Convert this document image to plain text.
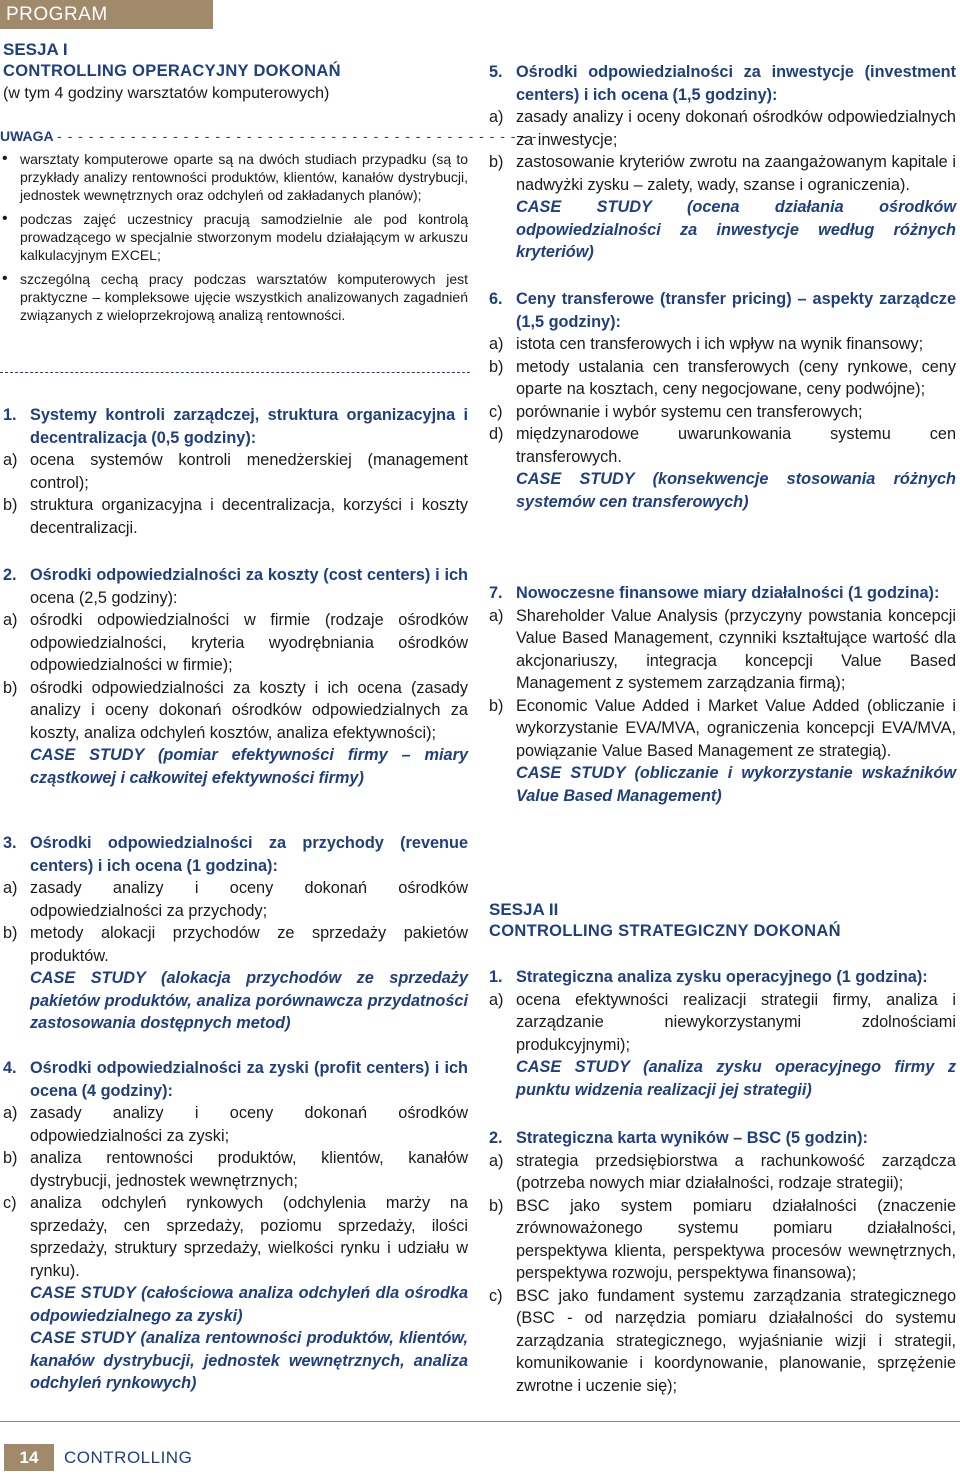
PROGRAM
SESJA I
CONTROLLING OPERACYJNY DOKONAŃ
(w tym 4 godziny warsztatów komputerowych)
UWAGA - - - - - - - - - - - - - - - - - - - - - - - - - - - - - - - - - - - - - - - - - - - - - -
• warsztaty komputerowe oparte są na dwóch studiach przypadku (są to przykłady analizy rentowności produktów, klientów, kanałów dystrybucji, jednostek wewnętrznych oraz odchyleń od zakładanych planów);
• podczas zajęć uczestnicy pracują samodzielnie ale pod kontrolą prowadzącego w specjalnie stworzonym modelu działającym w arkuszu kalkulacyjnym EXCEL;
• szczególną cechą pracy podczas warsztatów komputerowych jest praktyczne – kompleksowe ujęcie wszystkich analizowanych zagadnień związanych z wieloprzekrojową analizą rentowności.
1. Systemy kontroli zarządczej, struktura organizacyjna i decentralizacja (0,5 godziny):
a) ocena systemów kontroli menedżerskiej (management control);
b) struktura organizacyjna i decentralizacja, korzyści i koszty decentralizacji.
2. Ośrodki odpowiedzialności za koszty (cost centers) i ich ocena (2,5 godziny):
a) ośrodki odpowiedzialności w firmie (rodzaje ośrodków odpowiedzialności, kryteria wyodrębniania ośrodków odpowiedzialności w firmie);
b) ośrodki odpowiedzialności za koszty i ich ocena (zasady analizy i oceny dokonań ośrodków odpowiedzialnych za koszty, analiza odchyleń kosztów, analiza efektywności);
CASE STUDY (pomiar efektywności firmy – miary cząstkowej i całkowitej efektywności firmy)
3. Ośrodki odpowiedzialności za przychody (revenue centers) i ich ocena (1 godzina):
a) zasady analizy i oceny dokonań ośrodków odpowiedzialności za przychody;
b) metody alokacji przychodów ze sprzedaży pakietów produktów.
CASE STUDY (alokacja przychodów ze sprzedaży pakietów produktów, analiza porównawcza przydatności zastosowania dostępnych metod)
4. Ośrodki odpowiedzialności za zyski (profit centers) i ich ocena (4 godziny):
a) zasady analizy i oceny dokonań ośrodków odpowiedzialności za zyski;
b) analiza rentowności produktów, klientów, kanałów dystrybucji, jednostek wewnętrznych;
c) analiza odchyleń rynkowych (odchylenia marży na sprzedaży, cen sprzedaży, poziomu sprzedaży, ilości sprzedaży, struktury sprzedaży, wielkości rynku i udziału w rynku).
CASE STUDY (całościowa analiza odchyleń dla ośrodka odpowiedzialnego za zyski)
CASE STUDY (analiza rentowności produktów, klientów, kanałów dystrybucji, jednostek wewnętrznych, analiza odchyleń rynkowych)
5. Ośrodki odpowiedzialności za inwestycje (investment centers) i ich ocena (1,5 godziny):
a) zasady analizy i oceny dokonań ośrodków odpowiedzialnych za inwestycje;
b) zastosowanie kryteriów zwrotu na zaangażowanym kapitale i nadwyżki zysku – zalety, wady, szanse i ograniczenia).
CASE STUDY (ocena działania ośrodków odpowiedzialności za inwestycje według różnych kryteriów)
6. Ceny transferowe (transfer pricing) – aspekty zarządcze (1,5 godziny):
a) istota cen transferowych i ich wpływ na wynik finansowy;
b) metody ustalania cen transferowych (ceny rynkowe, ceny oparte na kosztach, ceny negocjowane, ceny podwójne);
c) porównanie i wybór systemu cen transferowych;
d) międzynarodowe uwarunkowania systemu cen transferowych.
CASE STUDY (konsekwencje stosowania różnych systemów cen transferowych)
7. Nowoczesne finansowe miary działalności (1 godzina):
a) Shareholder Value Analysis (przyczyny powstania koncepcji Value Based Management, czynniki kształtujące wartość dla akcjonariuszy, integracja koncepcji Value Based Management z systemem zarządzania firmą);
b) Economic Value Added i Market Value Added (obliczanie i wykorzystanie EVA/MVA, ograniczenia koncepcji EVA/MVA, powiązanie Value Based Management ze strategią).
CASE STUDY (obliczanie i wykorzystanie wskaźników Value Based Management)
SESJA II
CONTROLLING STRATEGICZNY DOKONAŃ
1. Strategiczna analiza zysku operacyjnego (1 godzina):
a) ocena efektywności realizacji strategii firmy, analiza i zarządzanie niewykorzystanymi zdolnościami produkcyjnymi);
CASE STUDY (analiza zysku operacyjnego firmy z punktu widzenia realizacji jej strategii)
2. Strategiczna karta wyników – BSC (5 godzin):
a) strategia przedsiębiorstwa a rachunkowość zarządcza (potrzeba nowych miar działalności, rodzaje strategii);
b) BSC jako system pomiaru działalności (znaczenie zrównoważonego systemu pomiaru działalności, perspektywa klienta, perspektywa procesów wewnętrznych, perspektywa rozwoju, perspektywa finansowa);
c) BSC jako fundament systemu zarządzania strategicznego (BSC - od narzędzia pomiaru działalności do systemu zarządzania strategicznego, wyjaśnianie wizji i strategii, komunikowanie i koordynowanie, planowanie, sprzężenie zwrotne i uczenie się);
14	CONTROLLING
